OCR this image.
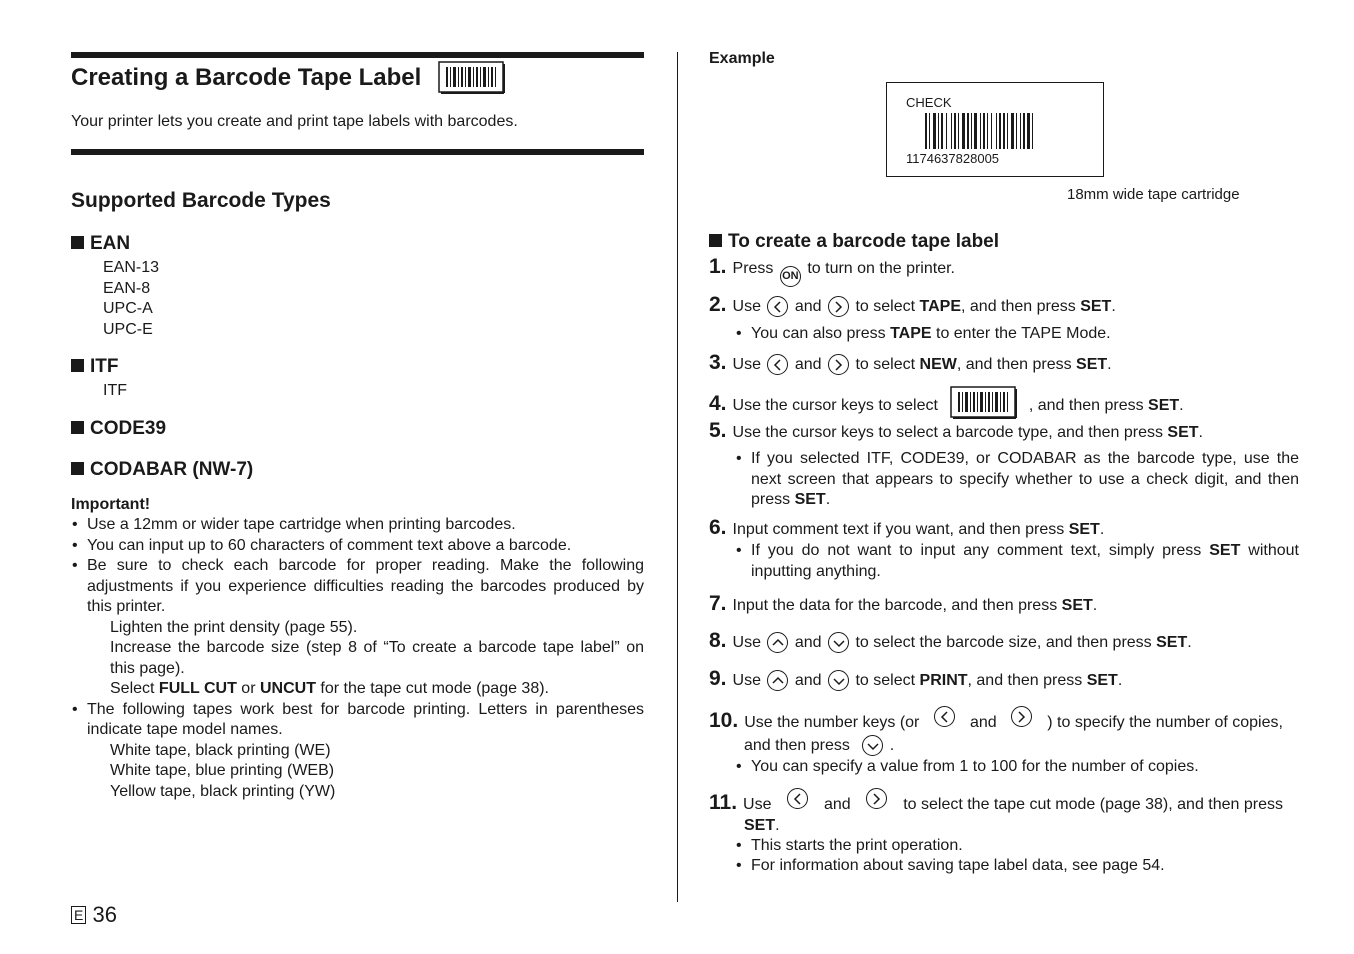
Creating a Barcode Tape Label
Your printer lets you create and print tape labels with barcodes.
Supported Barcode Types
EAN
EAN-13
EAN-8
UPC-A
UPC-E
ITF
ITF
CODE39
CODABAR (NW-7)
Important!
• Use a 12mm or wider tape cartridge when printing barcodes.
• You can input up to 60 characters of comment text above a barcode.
• Be sure to check each barcode for proper reading. Make the following adjustments if you experience difficulties reading the barcodes produced by this printer.
Lighten the print density (page 55).
Increase the barcode size (step 8 of “To create a barcode tape label” on this page).
Select FULL CUT or UNCUT for the tape cut mode (page 38).
• The following tapes work best for barcode printing. Letters in parentheses indicate tape model names.
White tape, black printing (WE)
White tape, blue printing (WEB)
Yellow tape, black printing (YW)
E 36
Example
CHECK
1174637828005
18mm wide tape cartridge
To create a barcode tape label
1. Press ON to turn on the printer.
2. Use and to select TAPE, and then press SET.
• You can also press TAPE to enter the TAPE Mode.
3. Use and to select NEW, and then press SET.
4. Use the cursor keys to select	, and then press SET.
5. Use the cursor keys to select a barcode type, and then press SET.
• If you selected ITF, CODE39, or CODABAR as the barcode type, use the next screen that appears to specify whether to use a check digit, and then press SET.
6. Input comment text if you want, and then press SET.
• If you do not want to input any comment text, simply press SET without inputting anything.
7. Input the data for the barcode, and then press SET.
8. Use and to select the barcode size, and then press SET.
9. Use and to select PRINT, and then press SET.
10. Use the number keys (or	and	) to specify the number of copies,
and then press .
• You can specify a value from 1 to 100 for the number of copies.
11. Use	and	to select the tape cut mode (page 38), and then press
SET.
• This starts the print operation.
• For information about saving tape label data, see page 54.
